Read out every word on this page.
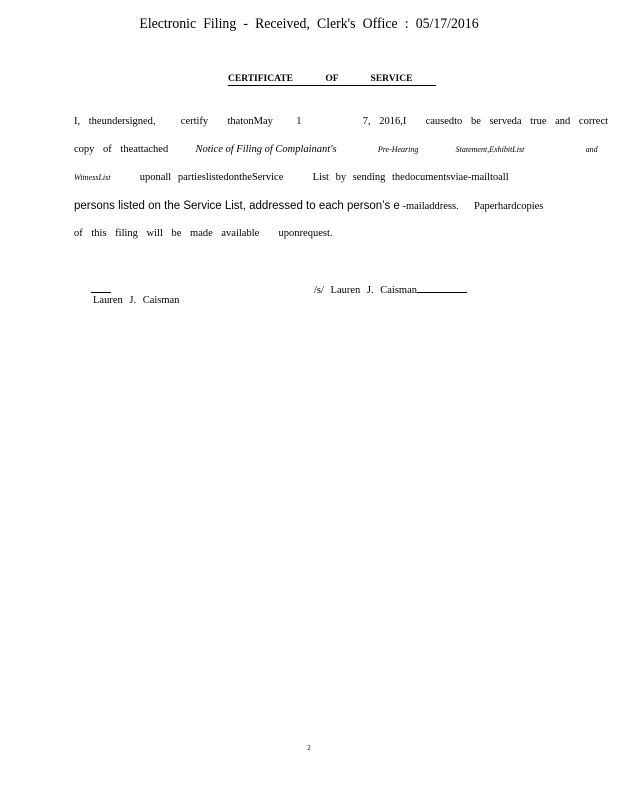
Electronic Filing - Received, Clerk's Office : 05/17/2016
CERTIFICATE	OF	SERVICE
I, theundersigned, certify thatonMay 1	7, 2016,I causedto be serveda true and correct
copy of theattached	Notice of Filing of Complainant's	Pre-Hearing	Statement,ExhibitList	and
WitnessList	uponall partieslistedontheService	List by sending thedocumentsviae-mailtoall
persons listed on the Service List, addressed to each person’s e -mailaddress. Paperhardcopies
of this filing will be made available uponrequest.
/s/ Lauren J. Caisman
Lauren J. Caisman
2
